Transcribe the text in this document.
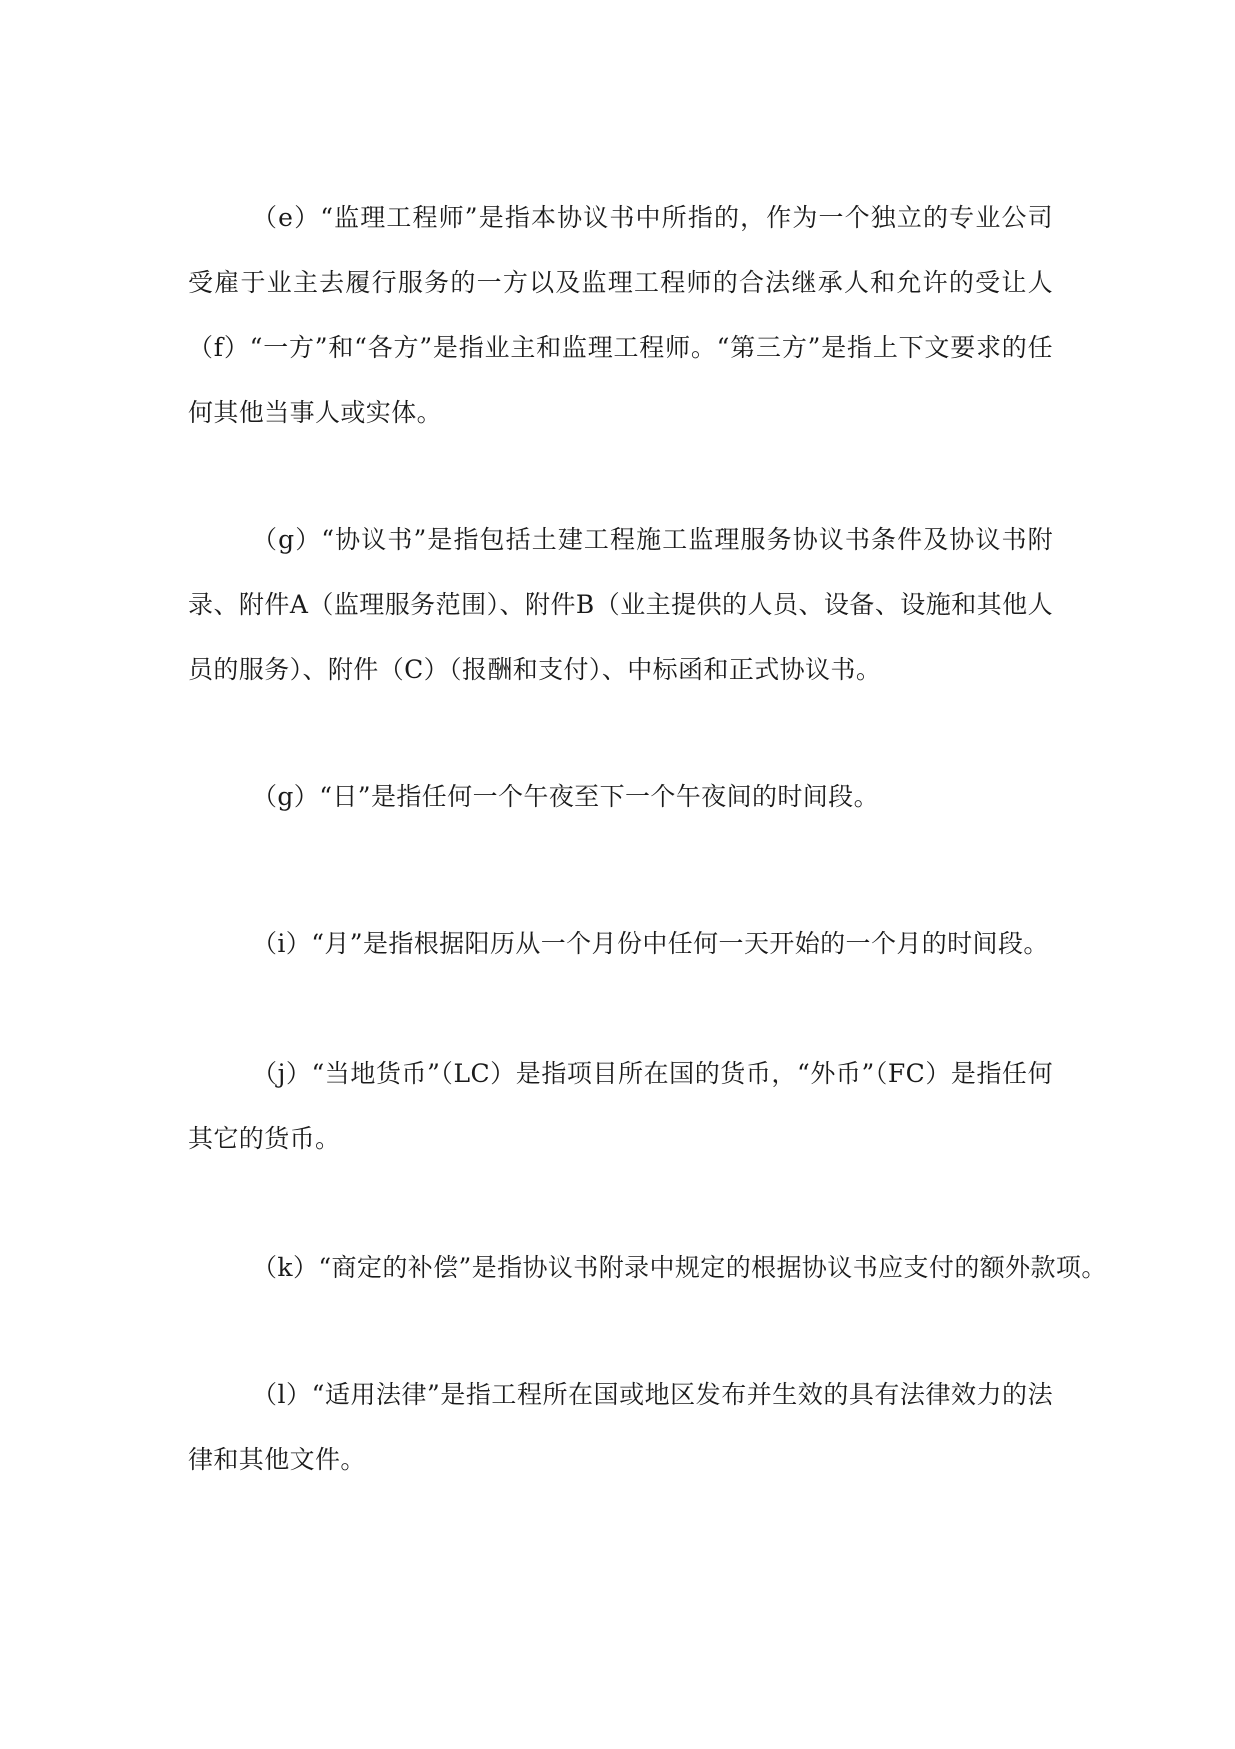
（e）“监理工程师”是指本协议书中所指的，作为一个独立的专业公司受雇于业主去履行服务的一方以及监理工程师的合法继承人和允许的受让人（f）“一方”和“各方”是指业主和监理工程师。“第三方”是指上下文要求的任何其他当事人或实体。

（g）“协议书”是指包括土建工程施工监理服务协议书条件及协议书附录、附件A（监理服务范围）、附件B（业主提供的人员、设备、设施和其他人员的服务）、附件（C）（报酬和支付）、中标函和正式协议书。

（g）“日”是指任何一个午夜至下一个午夜间的时间段。

（i）“月”是指根据阳历从一个月份中任何一天开始的一个月的时间段。

（j）“当地货币”（LC）是指项目所在国的货币，“外币”（FC）是指任何其它的货币。

（k）“商定的补偿”是指协议书附录中规定的根据协议书应支付的额外款项。

（l）“适用法律”是指工程所在国或地区发布并生效的具有法律效力的法律和其他文件。
